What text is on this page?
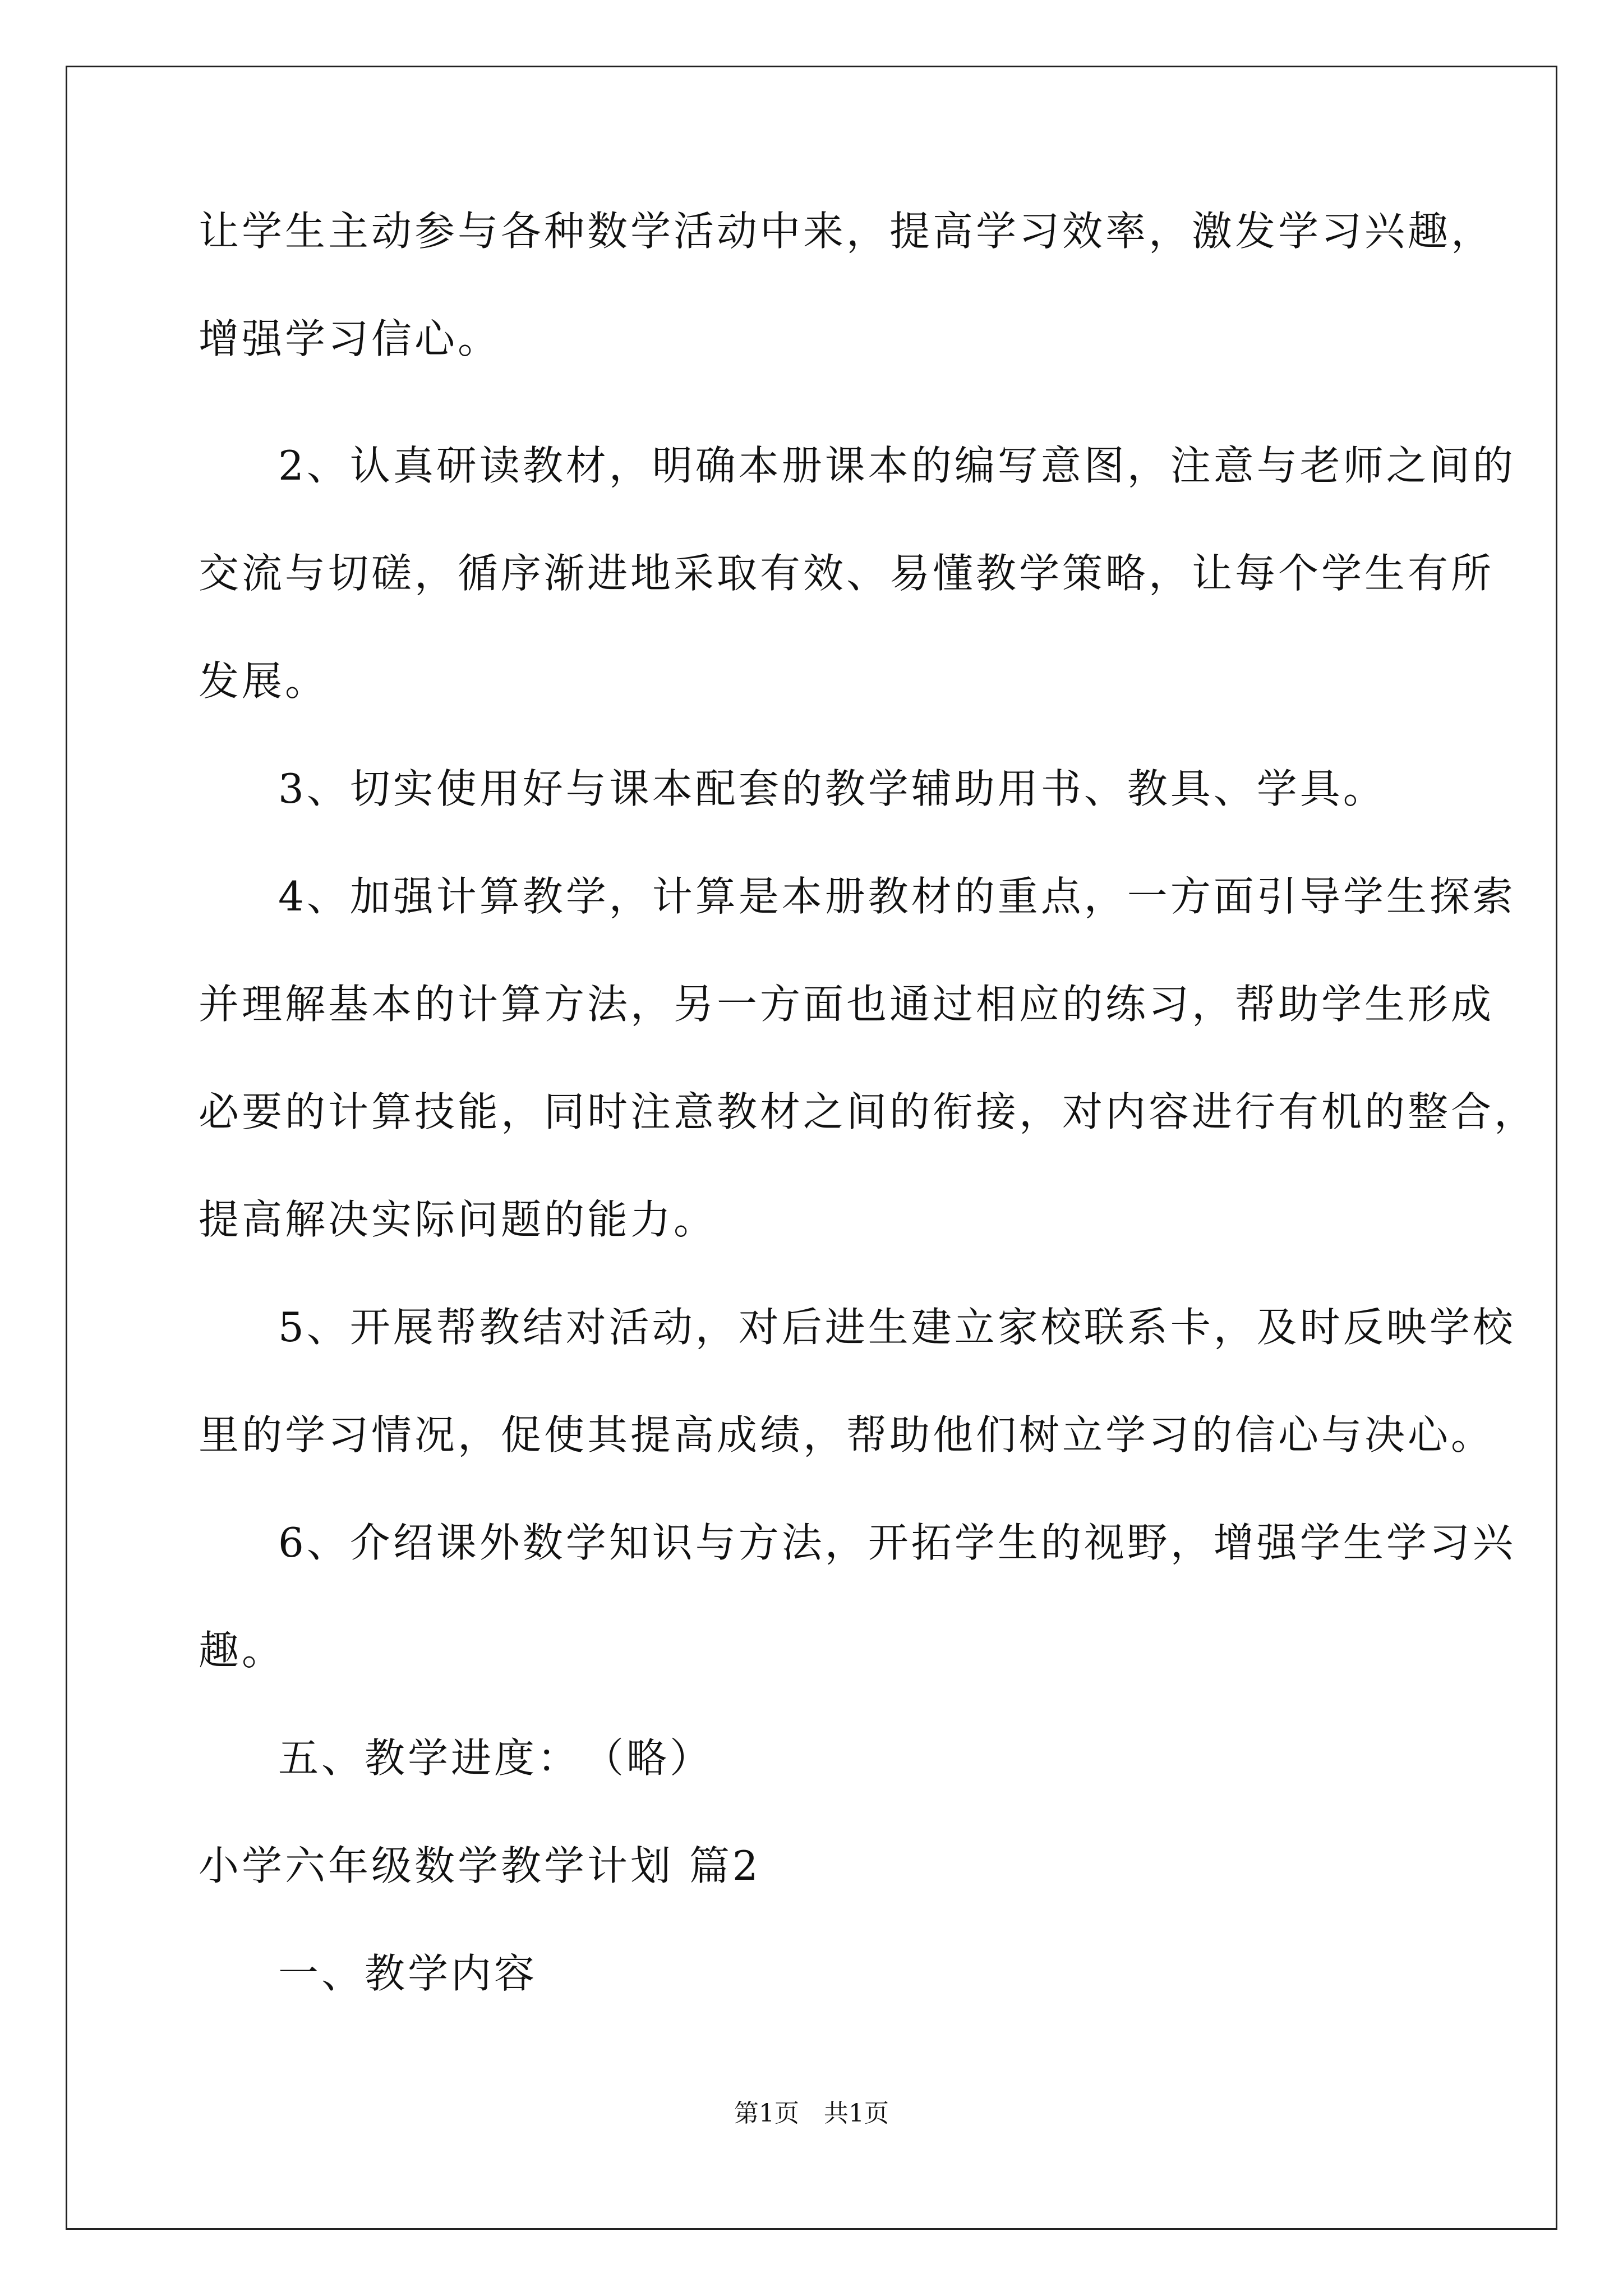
让学生主动参与各种数学活动中来，提高学习效率，激发学习兴趣，
增强学习信心。
2、认真研读教材，明确本册课本的编写意图，注意与老师之间的
交流与切磋，循序渐进地采取有效、易懂教学策略，让每个学生有所
发展。
3、切实使用好与课本配套的教学辅助用书、教具、学具。
4、加强计算教学，计算是本册教材的重点，一方面引导学生探索
并理解基本的计算方法，另一方面也通过相应的练习，帮助学生形成
必要的计算技能，同时注意教材之间的衔接，对内容进行有机的整合，
提高解决实际问题的能力。
5、开展帮教结对活动，对后进生建立家校联系卡，及时反映学校
里的学习情况，促使其提高成绩，帮助他们树立学习的信心与决心。
6、介绍课外数学知识与方法，开拓学生的视野，增强学生学习兴
趣。
五、教学进度：　（略）
小学六年级数学教学计划 篇2
一、教学内容
第1页　共1页
